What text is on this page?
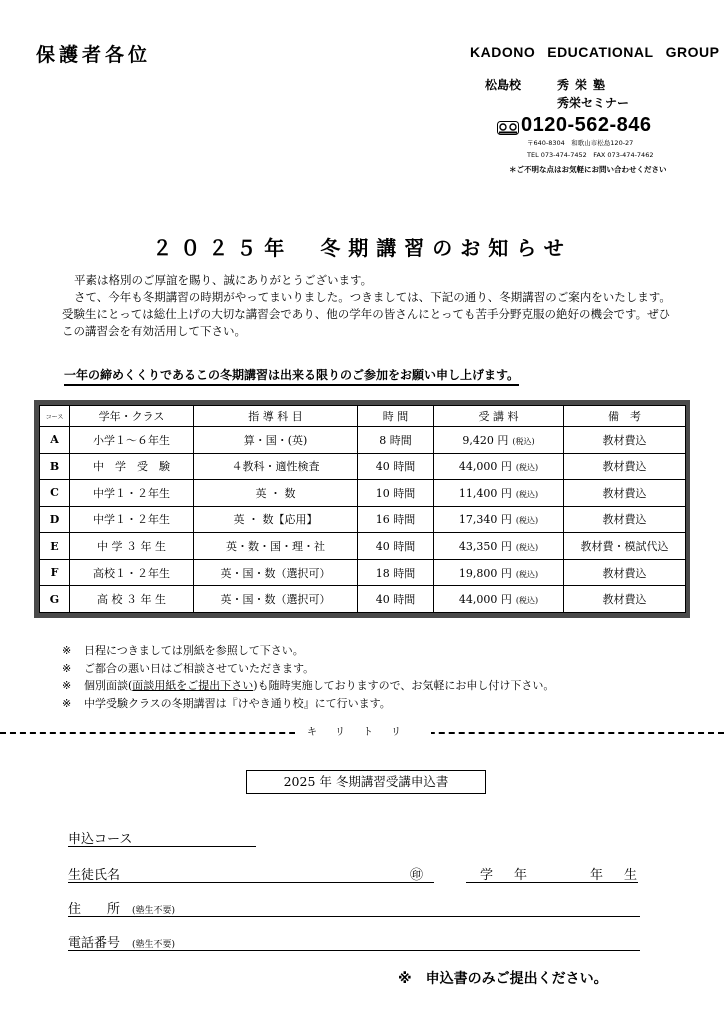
保護者各位	KADONO EDUCATIONAL GROUP
松島校	秀栄塾
秀栄セミナー
0120-562-846
〒640-8304　和歌山市松島120-27
TEL 073-474-7452　FAX 073-474-7462
＊ご不明な点はお気軽にお問い合わせください
２０２５年　冬期講習のお知らせ

平素は格別のご厚誼を賜り、誠にありがとうございます。

さて、今年も冬期講習の時期がやってまいりました。つきましては、下記の通り、冬期講習のご案内をいたします。受験生にとっては総仕上げの大切な講習会であり、他の学年の皆さんにとっても苦手分野克服の絶好の機会です。ぜひこの講習会を有効活用して下さい。

一年の締めくくりであるこの冬期講習は出来る限りのご参加をお願い申し上げます。
コース	学年・クラス	指 導 科 目	時 間	受 講 料	備　考
A	小学１～６年生	算・国・(英)	8 時間	9,420 円 (税込)	教材費込
B	中　学　受　験	４教科・適性検査	40 時間	44,000 円 (税込)	教材費込
C	中学１・２年生	英 ・ 数	10 時間	11,400 円 (税込)	教材費込
D	中学１・２年生	英 ・ 数【応用】	16 時間	17,340 円 (税込)	教材費込
E	中 学 ３ 年 生	英・数・国・理・社	40 時間	43,350 円 (税込)	教材費・模試代込
F	高校１・２年生	英・国・数（選択可）	18 時間	19,800 円 (税込)	教材費込
G	高 校 ３ 年 生	英・国・数（選択可）	40 時間	44,000 円 (税込)	教材費込
※ 日程につきましては別紙を参照して下さい。
※ ご都合の悪い日はご相談させていただきます。
※ 個別面談(面談用紙をご提出下さい)も随時実施しておりますので、お気軽にお申し付け下さい。
※ 中学受験クラスの冬期講習は『けやき通り校』にて行います。
キリトリ
2025 年 冬期講習受講申込書
申込コース
生徒氏名	㊞	学　年	年　生
住　　所 (塾生不要)
電話番号 (塾生不要)
※　申込書のみご提出ください。
